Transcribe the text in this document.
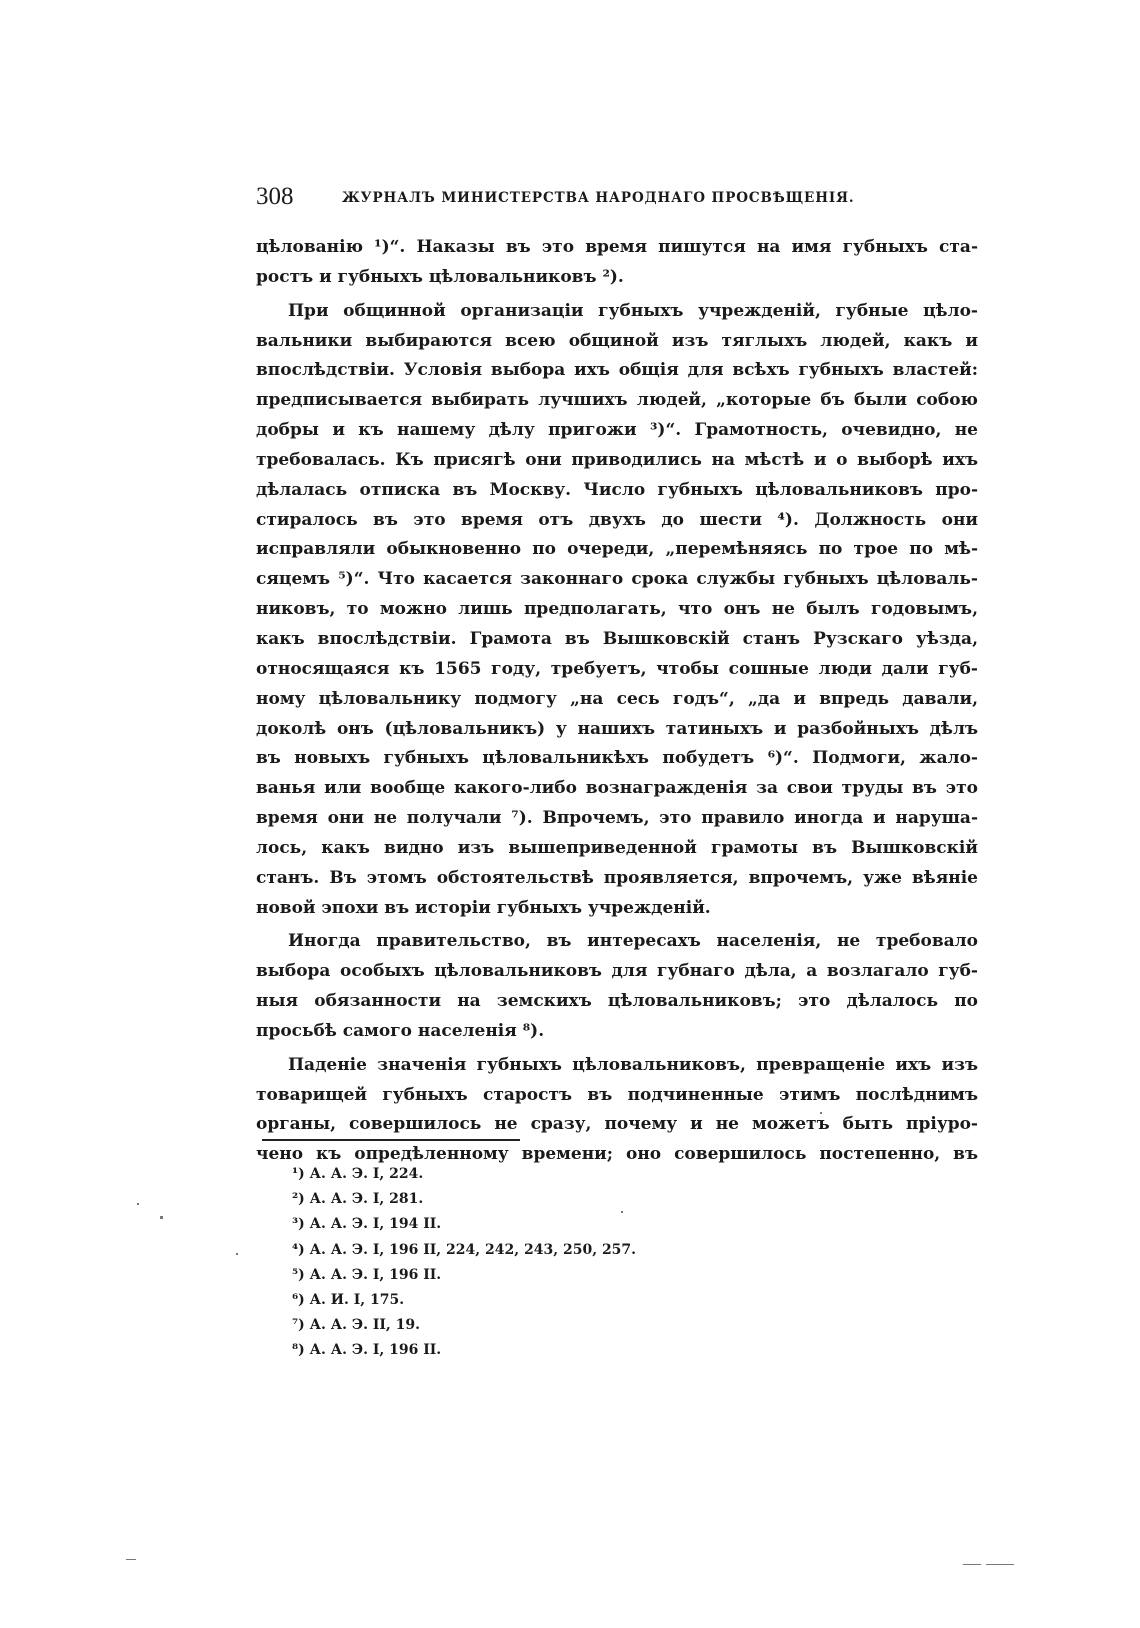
308	ЖУРНАЛЪ МИНИСТЕРСТВА НАРОДНАГО ПРОСВѢЩЕНІЯ.
цѣлованію ¹)“. Наказы въ это время пишутся на имя губныхъ ста-
ростъ и губныхъ цѣловальниковъ ²).
При общинной организаціи губныхъ учрежденій, губные цѣло-
вальники выбираются всею общиной изъ тяглыхъ людей, какъ и
впослѣдствіи. Условія выбора ихъ общія для всѣхъ губныхъ властей:
предписывается выбирать лучшихъ людей, „которые бъ были собою
добры и къ нашему дѣлу пригожи ³)“. Грамотность, очевидно, не
требовалась. Къ присягѣ они приводились на мѣстѣ и о выборѣ ихъ
дѣлалась отписка въ Москву. Число губныхъ цѣловальниковъ про-
стиралось въ это время отъ двухъ до шести ⁴). Должность они
исправляли обыкновенно по очереди, „перемѣняясь по трое по мѣ-
сяцемъ ⁵)“. Что касается законнаго срока службы губныхъ цѣловаль-
никовъ, то можно лишь предполагать, что онъ не былъ годовымъ,
какъ впослѣдствіи. Грамота въ Вышковскій станъ Рузскаго уѣзда,
относящаяся къ 1565 году, требуетъ, чтобы сошные люди дали губ-
ному цѣловальнику подмогу „на сесь годъ“, „да и впредь давали,
доколѣ онъ (цѣловальникъ) у нашихъ татиныхъ и разбойныхъ дѣлъ
въ новыхъ губныхъ цѣловальникѣхъ побудетъ ⁶)“. Подмоги, жало-
ванья или вообще какого-либо вознагражденія за свои труды въ это
время они не получали ⁷). Впрочемъ, это правило иногда и наруша-
лось, какъ видно изъ вышеприведенной грамоты въ Вышковскій
станъ. Въ этомъ обстоятельствѣ проявляется, впрочемъ, уже вѣяніе
новой эпохи въ исторіи губныхъ учрежденій.
Иногда правительство, въ интересахъ населенія, не требовало
выбора особыхъ цѣловальниковъ для губнаго дѣла, а возлагало губ-
ныя обязанности на земскихъ цѣловальниковъ; это дѣлалось по
просьбѣ самого населенія ⁸).
Паденіе значенія губныхъ цѣловальниковъ, превращеніе ихъ изъ
товарищей губныхъ старостъ въ подчиненные этимъ послѣднимъ
органы, совершилось не сразу, почему и не можетъ быть пріуро-
чено къ опредѣленному времени; оно совершилось постепенно, въ
¹) А. А. Э. I, 224.
²) А. А. Э. I, 281.
³) А. А. Э. I, 194 II.
⁴) А. А. Э. I, 196 II, 224, 242, 243, 250, 257.
⁵) А. А. Э. I, 196 II.
⁶) А. И. I, 175.
⁷) А. А. Э. II, 19.
⁸) А. А. Э. I, 196 II.
